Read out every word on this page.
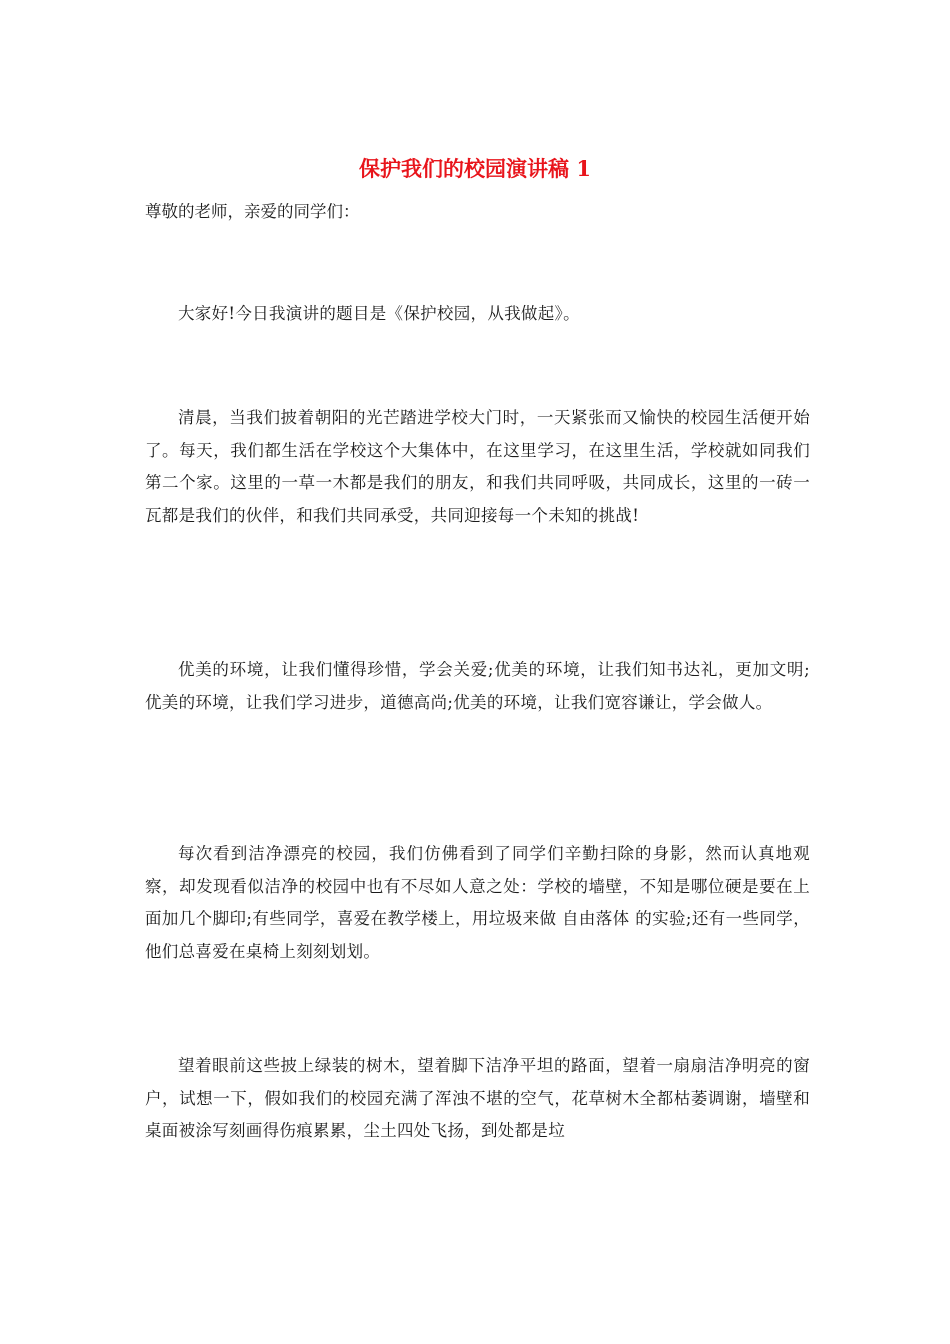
保护我们的校园演讲稿 1

尊敬的老师，亲爱的同学们：

大家好!今日我演讲的题目是《保护校园，从我做起》。

清晨，当我们披着朝阳的光芒踏进学校大门时，一天紧张而又愉快的校园生活便开始了。每天，我们都生活在学校这个大集体中，在这里学习，在这里生活，学校就如同我们第二个家。这里的一草一木都是我们的朋友，和我们共同呼吸，共同成长，这里的一砖一瓦都是我们的伙伴，和我们共同承受，共同迎接每一个未知的挑战!

优美的环境，让我们懂得珍惜，学会关爱;优美的环境，让我们知书达礼，更加文明;优美的环境，让我们学习进步，道德高尚;优美的环境，让我们宽容谦让，学会做人。

每次看到洁净漂亮的校园，我们仿佛看到了同学们辛勤扫除的身影，然而认真地观察，却发现看似洁净的校园中也有不尽如人意之处：学校的墙壁，不知是哪位硬是要在上面加几个脚印;有些同学，喜爱在教学楼上，用垃圾来做 自由落体 的实验;还有一些同学，他们总喜爱在桌椅上刻刻划划。

望着眼前这些披上绿装的树木，望着脚下洁净平坦的路面，望着一扇扇洁净明亮的窗户，试想一下，假如我们的校园充满了浑浊不堪的空气，花草树木全都枯萎调谢，墙壁和桌面被涂写刻画得伤痕累累，尘土四处飞扬，到处都是垃
